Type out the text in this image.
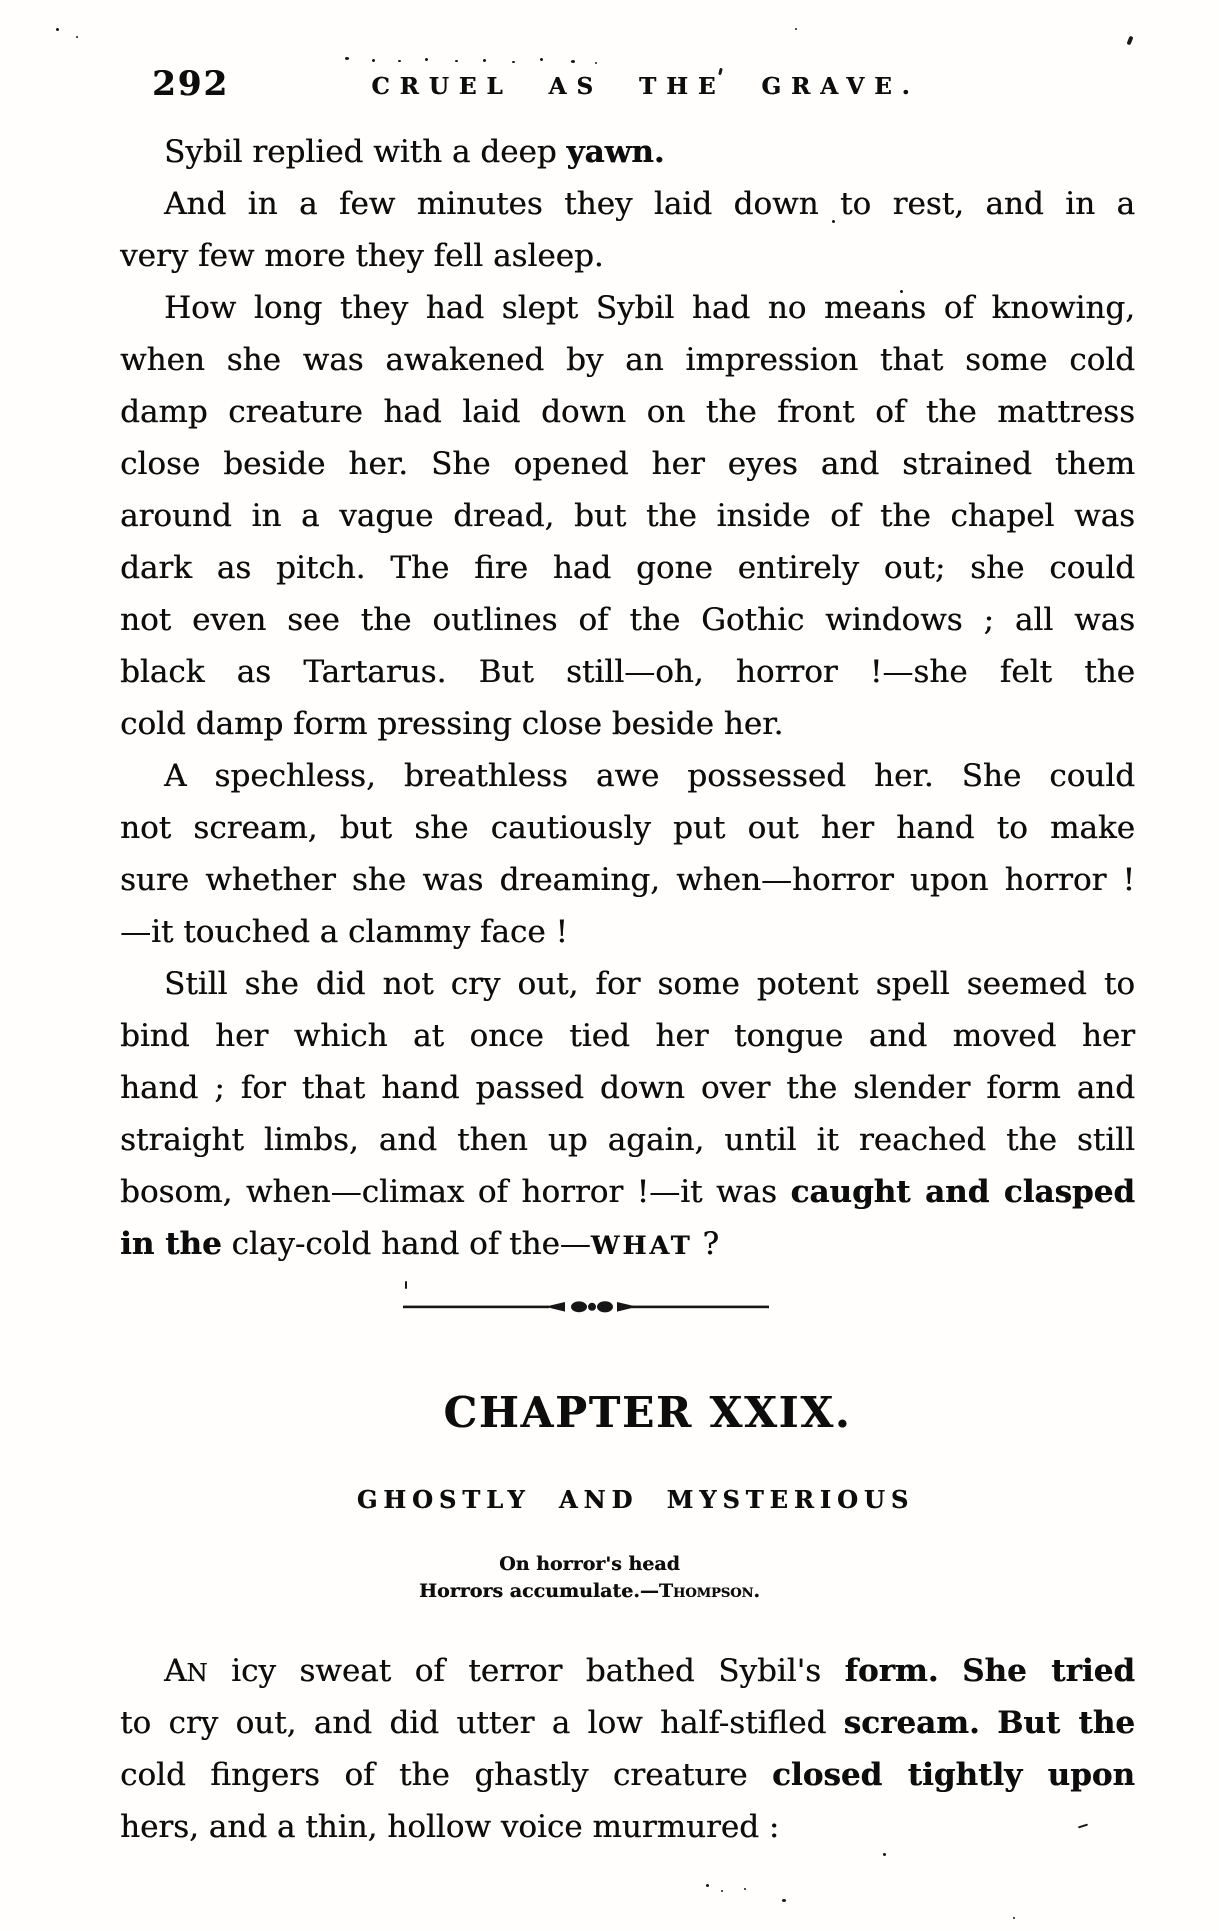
292	CRUEL AS THE GRAVE.
Sybil replied with a deep yawn.
And in a few minutes they laid down to rest, and in a
very few more they fell asleep.
How long they had slept Sybil had no means of knowing,
when she was awakened by an impression that some cold
damp creature had laid down on the front of the mattress
close beside her. She opened her eyes and strained them
around in a vague dread, but the inside of the chapel was
dark as pitch. The fire had gone entirely out; she could
not even see the outlines of the Gothic windows ; all was
black as Tartarus. But still—oh, horror !—she felt the
cold damp form pressing close beside her.
A spechless, breathless awe possessed her. She could
not scream, but she cautiously put out her hand to make
sure whether she was dreaming, when—horror upon horror !
—it touched a clammy face !
Still she did not cry out, for some potent spell seemed to
bind her which at once tied her tongue and moved her
hand ; for that hand passed down over the slender form and
straight limbs, and then up again, until it reached the still
bosom, when—climax of horror !—it was caught and clasped
in the clay-cold hand of the—WHAT ?
CHAPTER XXIX.
GHOSTLY AND MYSTERIOUS
On horror's head
Horrors accumulate.—Thompson.
AN icy sweat of terror bathed Sybil's form. She tried
to cry out, and did utter a low half-stifled scream. But the
cold fingers of the ghastly creature closed tightly upon
hers, and a thin, hollow voice murmured :
